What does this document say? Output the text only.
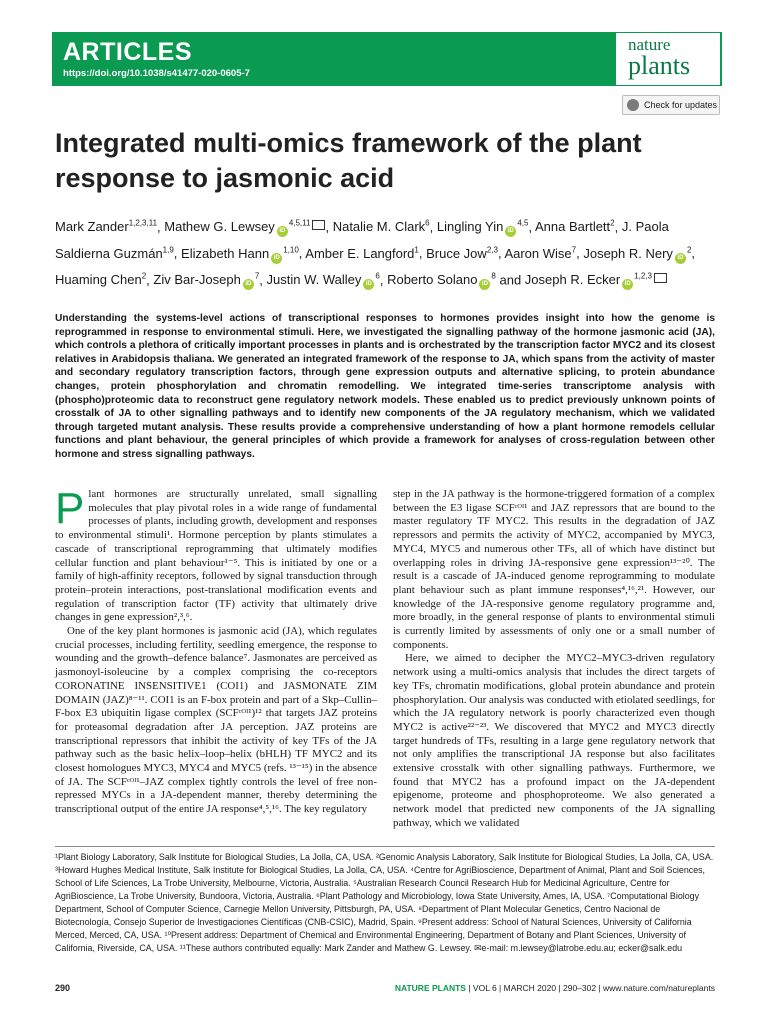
ARTICLES
https://doi.org/10.1038/s41477-020-0605-7
nature
plants
Check for updates
Integrated multi-omics framework of the plant response to jasmonic acid
Mark Zander$^{1,2,3,11}$, Mathew G. Lewsey iD$^{4,5,11}$ , Natalie M. Clark$^6$, Lingling Yin iD$^{4,5}$, Anna Bartlett$^2$, J. Paola Saldierna Guzmán$^{1,9}$, Elizabeth Hann iD$^{1,10}$, Amber E. Langford$^1$, Bruce Jow$^{2,3}$, Aaron Wise$^7$, Joseph R. Nery $iD^2$, Huaming Chen$^2$, Ziv Bar-Joseph $iD^7$, Justin W. Walley $iD^6$, Roberto Solano $iD^8$ and Joseph R. Ecker iD$^{1,2,3}$
Understanding the systems-level actions of transcriptional responses to hormones provides insight into how the genome is reprogrammed in response to environmental stimuli. Here, we investigated the signalling pathway of the hormone jasmonic acid (JA), which controls a plethora of critically important processes in plants and is orchestrated by the transcription factor MYC2 and its closest relatives in Arabidopsis thaliana. We generated an integrated framework of the response to JA, which spans from the activity of master and secondary regulatory transcription factors, through gene expression outputs and alternative splicing, to protein abundance changes, protein phosphorylation and chromatin remodelling. We integrated time-series transcriptome analysis with (phospho)proteomic data to reconstruct gene regulatory network models. These enabled us to predict previously unknown points of crosstalk of JA to other signalling pathways and to identify new components of the JA regulatory mechanism, which we validated through targeted mutant analysis. These results provide a comprehensive understanding of how a plant hormone remodels cellular functions and plant behaviour, the general principles of which provide a framework for analyses of cross-regulation between other hormone and stress signalling pathways.

Plant hormones are structurally unrelated, small signalling molecules that play pivotal roles in a wide range of fundamental processes of plants, including growth, development and responses to environmental stimuli¹. Hormone perception by plants stimulates a cascade of transcriptional reprogramming that ultimately modifies cellular function and plant behaviour¹⁻⁵. This is initiated by one or a family of high-affinity receptors, followed by signal transduction through protein–protein interactions, post-translational modification events and regulation of transcription factor (TF) activity that ultimately drive changes in gene expression²,³,⁶.

One of the key plant hormones is jasmonic acid (JA), which regulates crucial processes, including fertility, seedling emergence, the response to wounding and the growth–defence balance⁷. Jasmonates are perceived as jasmonoyl-isoleucine by a complex comprising the co-receptors CORONATINE INSENSITIVE1 (COI1) and JASMONATE ZIM DOMAIN (JAZ)⁸⁻¹¹. COI1 is an F-box protein and part of a Skp–Cullin–F-box E3 ubiquitin ligase complex (SCFᶜᴼᴵ¹)¹² that targets JAZ proteins for proteasomal degradation after JA perception. JAZ proteins are transcriptional repressors that inhibit the activity of key TFs of the JA pathway such as the basic helix–loop–helix (bHLH) TF MYC2 and its closest homologues MYC3, MYC4 and MYC5 (refs. ¹³⁻¹⁵) in the absence of JA. The SCFᶜᴼᴵ¹–JAZ complex tightly controls the level of free non-repressed MYCs in a JA-dependent manner, thereby determining the transcriptional output of the entire JA response⁴,⁵,¹⁶. The key regulatory

step in the JA pathway is the hormone-triggered formation of a complex between the E3 ligase SCFᶜᴼᴵ¹ and JAZ repressors that are bound to the master regulatory TF MYC2. This results in the degradation of JAZ repressors and permits the activity of MYC2, accompanied by MYC3, MYC4, MYC5 and numerous other TFs, all of which have distinct but overlapping roles in driving JA-responsive gene expression¹³⁻²⁰. The result is a cascade of JA-induced genome reprogramming to modulate plant behaviour such as plant immune responses⁴,¹⁶,²¹. However, our knowledge of the JA-responsive genome regulatory programme and, more broadly, in the general response of plants to environmental stimuli is currently limited by assessments of only one or a small number of components.

Here, we aimed to decipher the MYC2–MYC3-driven regulatory network using a multi-omics analysis that includes the direct targets of key TFs, chromatin modifications, global protein abundance and protein phosphorylation. Our analysis was conducted with etiolated seedlings, for which the JA regulatory network is poorly characterized even though MYC2 is active²²⁻²³. We discovered that MYC2 and MYC3 directly target hundreds of TFs, resulting in a large gene regulatory network that not only amplifies the transcriptional JA response but also facilitates extensive crosstalk with other signalling pathways. Furthermore, we found that MYC2 has a profound impact on the JA-dependent epigenome, proteome and phosphoproteome. We also generated a network model that predicted new components of the JA signalling pathway, which we validated

¹Plant Biology Laboratory, Salk Institute for Biological Studies, La Jolla, CA, USA. ²Genomic Analysis Laboratory, Salk Institute for Biological Studies, La Jolla, CA, USA. ³Howard Hughes Medical Institute, Salk Institute for Biological Studies, La Jolla, CA, USA. ⁴Centre for AgriBioscience, Department of Animal, Plant and Soil Sciences, School of Life Sciences, La Trobe University, Melbourne, Victoria, Australia. ⁵Australian Research Council Research Hub for Medicinal Agriculture, Centre for AgriBioscience, La Trobe University, Bundoora, Victoria, Australia. ⁶Plant Pathology and Microbiology, Iowa State University, Ames, IA, USA. ⁷Computational Biology Department, School of Computer Science, Carnegie Mellon University, Pittsburgh, PA, USA. ⁸Department of Plant Molecular Genetics, Centro Nacional de Biotecnología, Consejo Superior de Investigaciones Científicas (CNB-CSIC), Madrid, Spain. ⁹Present address: School of Natural Sciences, University of California Merced, Merced, CA, USA. ¹⁰Present address: Department of Chemical and Environmental Engineering, Department of Botany and Plant Sciences, University of California, Riverside, CA, USA. ¹¹These authors contributed equally: Mark Zander and Mathew G. Lewsey. ✉e-mail: m.lewsey@latrobe.edu.au; ecker@salk.edu
290	NATURE PLANTS | VOL 6 | MARCH 2020 | 290–302 | www.nature.com/natureplants
